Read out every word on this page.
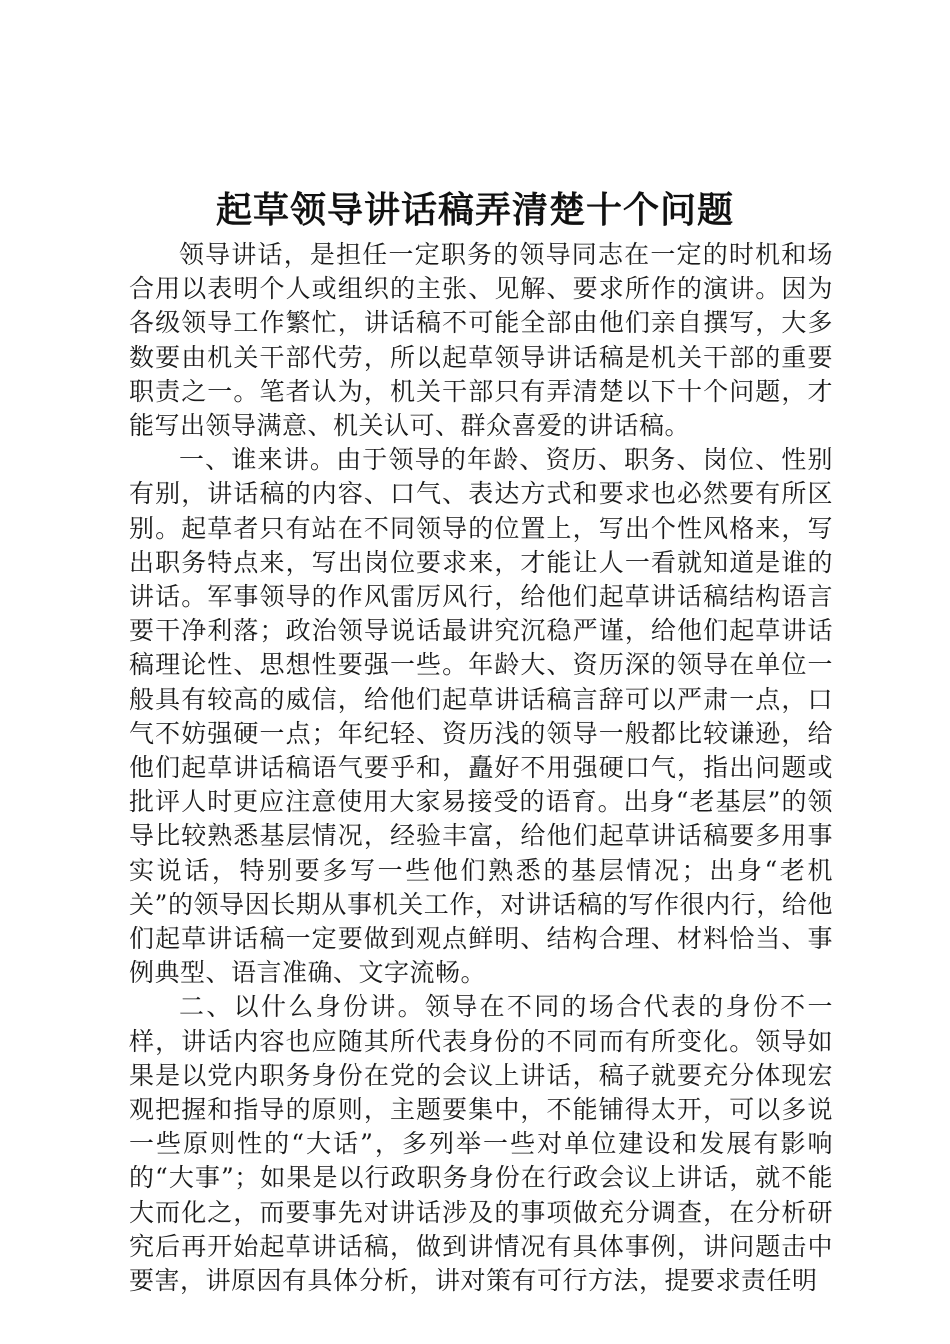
起草领导讲话稿弄清楚十个问题

领导讲话，是担任一定职务的领导同志在一定的时机和场合用以表明个人或组织的主张、见解、要求所作的演讲。因为各级领导工作繁忙，讲话稿不可能全部由他们亲自撰写，大多数要由机关干部代劳，所以起草领导讲话稿是机关干部的重要职责之一。笔者认为，机关干部只有弄清楚以下十个问题，才能写出领导满意、机关认可、群众喜爱的讲话稿。

一、谁来讲。由于领导的年龄、资历、职务、岗位、性别有别，讲话稿的内容、口气、表达方式和要求也必然要有所区别。起草者只有站在不同领导的位置上，写出个性风格来，写出职务特点来，写出岗位要求来，才能让人一看就知道是谁的讲话。军事领导的作风雷厉风行，给他们起草讲话稿结构语言要干净利落；政治领导说话最讲究沉稳严谨，给他们起草讲话稿理论性、思想性要强一些。年龄大、资历深的领导在单位一般具有较高的威信，给他们起草讲话稿言辞可以严肃一点，口气不妨强硬一点；年纪轻、资历浅的领导一般都比较谦逊，给他们起草讲话稿语气要乎和，矗好不用强硬口气，指出问题或批评人时更应注意使用大家易接受的语育。出身“老基层”的领导比较熟悉基层情况，经验丰富，给他们起草讲话稿要多用事实说话，特别要多写一些他们熟悉的基层情况；出身“老机关”的领导因长期从事机关工作，对讲话稿的写作很内行，给他们起草讲话稿一定要做到观点鲜明、结构合理、材料恰当、事例典型、语言准确、文字流畅。

二、以什么身份讲。领导在不同的场合代表的身份不一样，讲话内容也应随其所代表身份的不同而有所变化。领导如果是以党内职务身份在党的会议上讲话，稿子就要充分体现宏观把握和指导的原则，主题要集中，不能铺得太开，可以多说一些原则性的“大话”，多列举一些对单位建设和发展有影响的“大事”；如果是以行政职务身份在行政会议上讲话，就不能大而化之，而要事先对讲话涉及的事项做充分调查，在分析研究后再开始起草讲话稿，做到讲情况有具体事例，讲问题击中要害，讲原因有具体分析，讲对策有可行方法，提要求责任明
